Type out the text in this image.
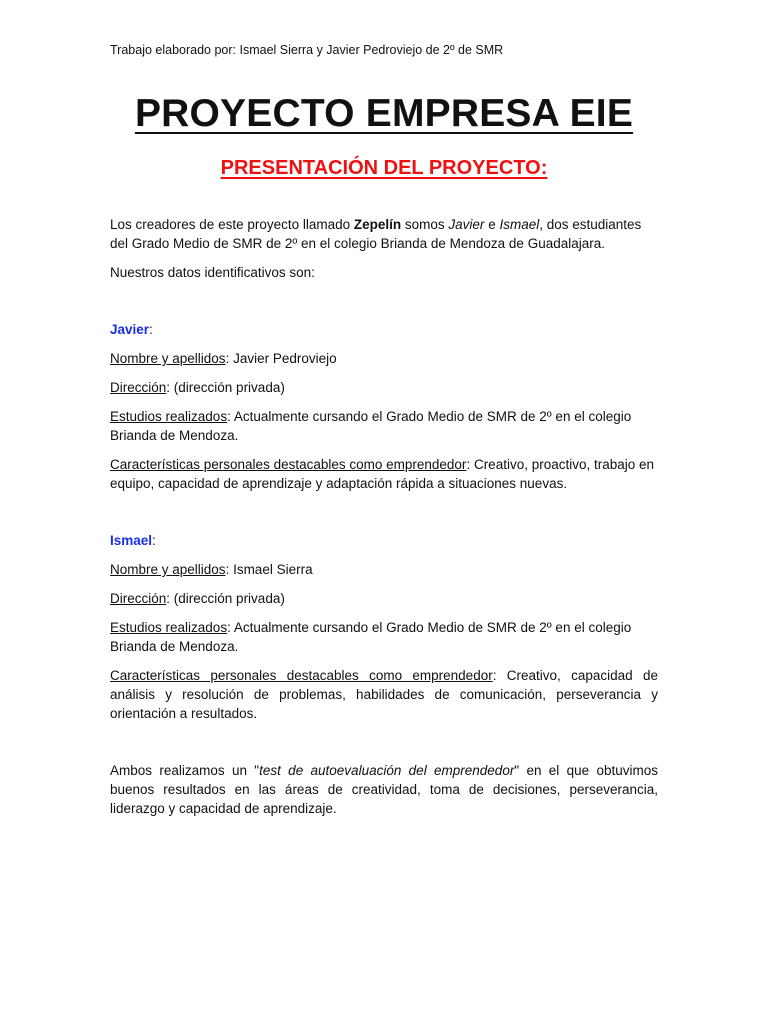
Trabajo elaborado por: Ismael Sierra y Javier Pedroviejo de 2º de SMR
PROYECTO EMPRESA EIE
PRESENTACIÓN DEL PROYECTO:

Los creadores de este proyecto llamado Zepelín somos Javier e Ismael, dos estudiantes del Grado Medio de SMR de 2º en el colegio Brianda de Mendoza de Guadalajara.

Nuestros datos identificativos son:

Javier:

Nombre y apellidos: Javier Pedroviejo

Dirección: (dirección privada)

Estudios realizados: Actualmente cursando el Grado Medio de SMR de 2º en el colegio Brianda de Mendoza.

Características personales destacables como emprendedor: Creativo, proactivo, trabajo en equipo, capacidad de aprendizaje y adaptación rápida a situaciones nuevas.

Ismael:

Nombre y apellidos: Ismael Sierra

Dirección: (dirección privada)

Estudios realizados: Actualmente cursando el Grado Medio de SMR de 2º en el colegio Brianda de Mendoza.

Características personales destacables como emprendedor: Creativo, capacidad de análisis y resolución de problemas, habilidades de comunicación, perseverancia y orientación a resultados.

Ambos realizamos un "test de autoevaluación del emprendedor" en el que obtuvimos buenos resultados en las áreas de creatividad, toma de decisiones, perseverancia, liderazgo y capacidad de aprendizaje.
